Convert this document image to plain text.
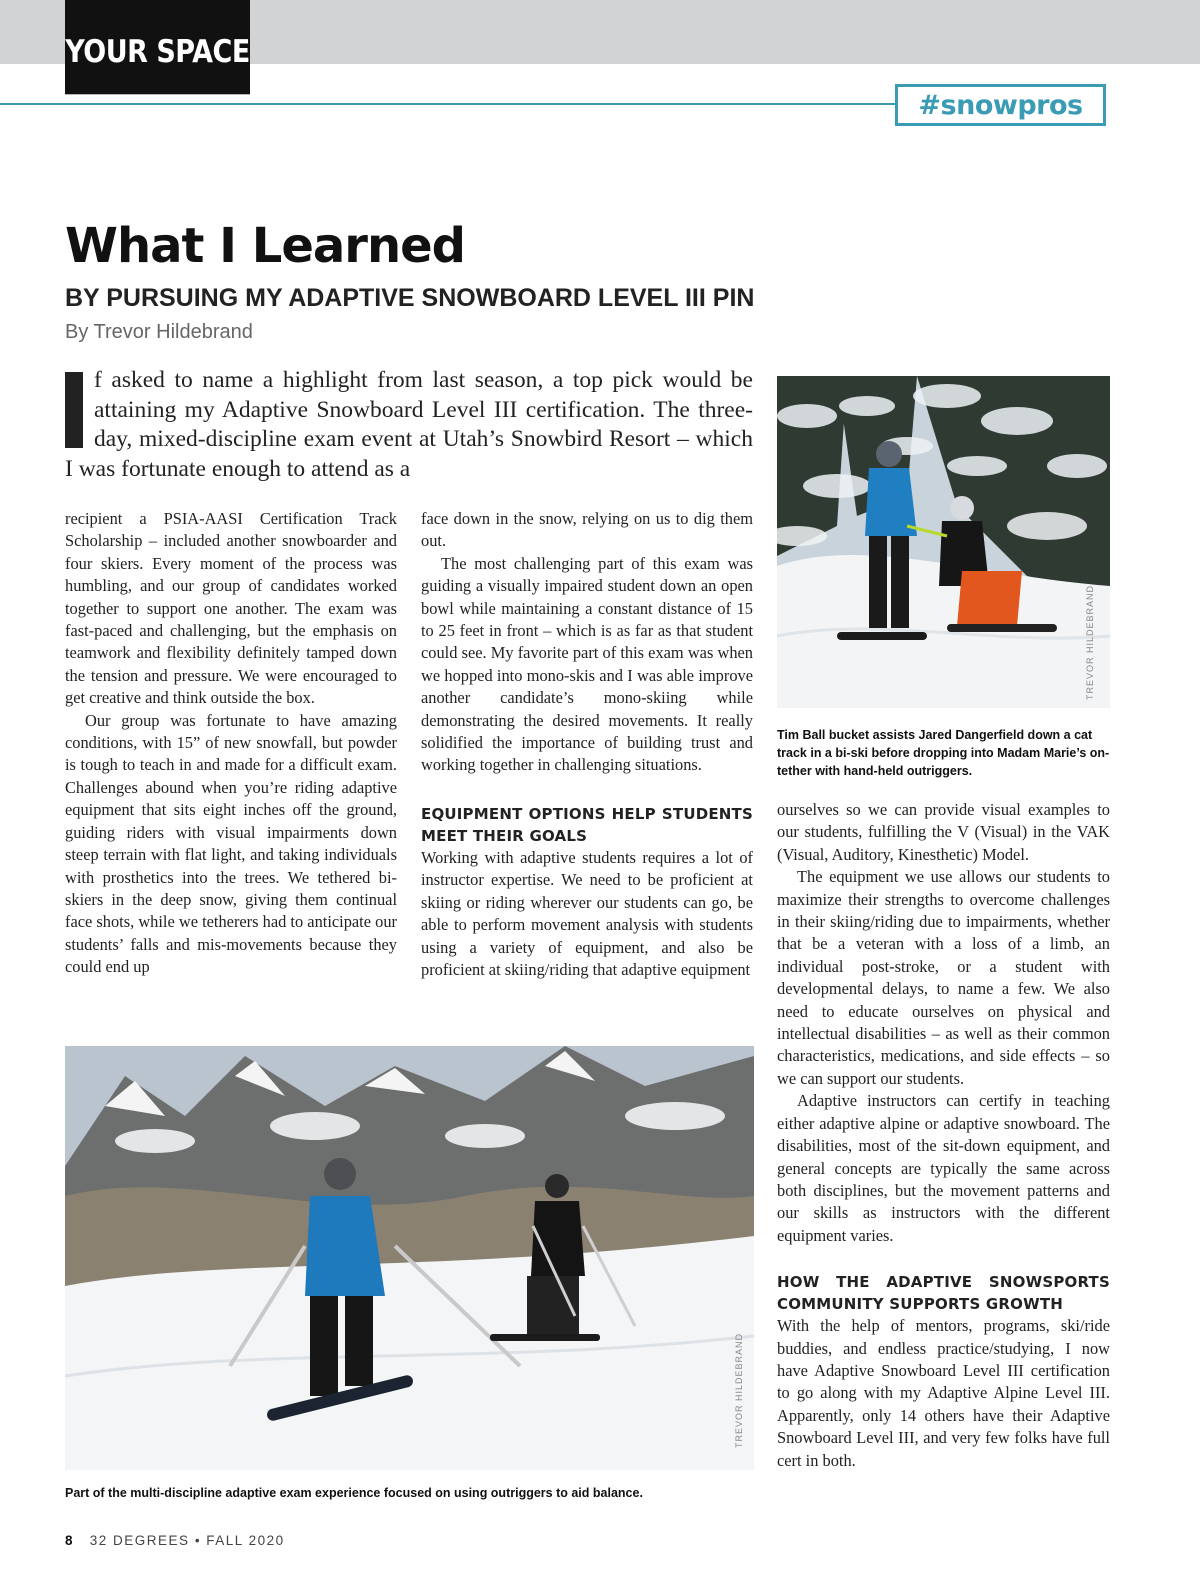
YOUR SPACE
#snowpros
What I Learned
BY PURSUING MY ADAPTIVE SNOWBOARD LEVEL III PIN
By Trevor Hildebrand

f asked to name a highlight from last season, a top pick would be attaining my Adaptive Snowboard Level III certification. The three-day, mixed-discipline exam event at Utah’s Snowbird Resort – which I was fortunate enough to attend as a

recipient a PSIA-AASI Certification Track Scholarship – included another snowboarder and four skiers. Every moment of the process was humbling, and our group of candidates worked together to support one another. The exam was fast-paced and challenging, but the emphasis on teamwork and flexibility definitely tamped down the tension and pressure. We were encouraged to get creative and think outside the box.

Our group was fortunate to have amazing conditions, with 15” of new snowfall, but powder is tough to teach in and made for a difficult exam. Challenges abound when you’re riding adaptive equipment that sits eight inches off the ground, guiding riders with visual impairments down steep terrain with flat light, and taking individuals with prosthetics into the trees. We tethered bi-skiers in the deep snow, giving them continual face shots, while we tetherers had to anticipate our students’ falls and mis-movements because they could end up

face down in the snow, relying on us to dig them out.

The most challenging part of this exam was guiding a visually impaired student down an open bowl while maintaining a constant distance of 15 to 25 feet in front – which is as far as that student could see. My favorite part of this exam was when we hopped into mono-skis and I was able improve another candidate’s mono-skiing while demonstrating the desired movements. It really solidified the importance of building trust and working together in challenging situations.

EQUIPMENT OPTIONS HELP STUDENTS MEET THEIR GOALS

Working with adaptive students requires a lot of instructor expertise. We need to be proficient at skiing or riding wherever our students can go, be able to perform movement analysis with students using a variety of equipment, and also be proficient at skiing/riding that adaptive equipment

ourselves so we can provide visual examples to our students, fulfilling the V (Visual) in the VAK (Visual, Auditory, Kinesthetic) Model.

The equipment we use allows our students to maximize their strengths to overcome challenges in their skiing/riding due to impairments, whether that be a veteran with a loss of a limb, an individual post-stroke, or a student with developmental delays, to name a few. We also need to educate ourselves on physical and intellectual disabilities – as well as their common characteristics, medications, and side effects – so we can support our students.

Adaptive instructors can certify in teaching either adaptive alpine or adaptive snowboard. The disabilities, most of the sit-down equipment, and general concepts are typically the same across both disciplines, but the movement patterns and our skills as instructors with the different equipment varies.

HOW THE ADAPTIVE SNOWSPORTS COMMUNITY SUPPORTS GROWTH

With the help of mentors, programs, ski/ride buddies, and endless practice/studying, I now have Adaptive Snowboard Level III certification to go along with my Adaptive Alpine Level III. Apparently, only 14 others have their Adaptive Snowboard Level III, and very few folks have full cert in both.

TREVOR HILDEBRAND
Tim Ball bucket assists Jared Dangerfield down a cat track in a bi-ski before dropping into Madam Marie’s on-tether with hand-held outriggers.
TREVOR HILDEBRAND
Part of the multi-discipline adaptive exam experience focused on using outriggers to aid balance.
8 32 DEGREES • FALL 2020
